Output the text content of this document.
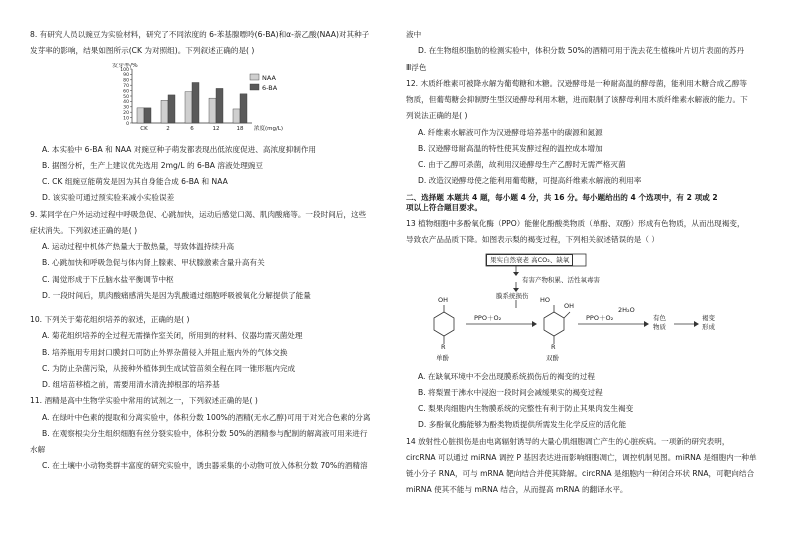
8. 有研究人员以豌豆为实验材料，研究了不同浓度的 6-苯基腺嘌呤(6-BA)和α-萘乙酸(NAA)对其种子
发芽率的影响，结果如图所示(CK 为对照组)。下列叙述正确的是( )
发芽率/%
0
10
20
30
40
50
60
70
80
90
100
CK	2	6	12	18 浓度(mg/L)
NAA
6-BA
A. 本实验中 6-BA 和 NAA 对豌豆种子萌发都表现出低浓度促进、高浓度抑制作用
B. 据图分析，生产上建议优先选用 2mg/L 的 6-BA 溶液处理豌豆
C. CK 组豌豆能萌发是因为其自身能合成 6-BA 和 NAA
D. 该实验可通过预实验来减小实验误差
9. 某同学在户外运动过程中呼吸急促、心跳加快，运动后感觉口渴、肌肉酸痛等。一段时间后，这些
症状消失。下列叙述正确的是( )
A. 运动过程中机体产热量大于散热量，导致体温持续升高
B. 心跳加快和呼吸急促与体内肾上腺素、甲状腺激素含量升高有关
C. 渴觉形成于下丘脑水盐平衡调节中枢
D. 一段时间后，肌肉酸痛感消失是因为乳酸通过细胞呼吸被氧化分解提供了能量
10. 下列关于菊花组织培养的叙述，正确的是( )
A. 菊花组织培养的全过程无需操作室关闭，所用到的材料、仪器均需灭菌处理
B. 培养瓶用专用封口膜封口可防止外界杂菌侵入并阻止瓶内外的气体交换
C. 为防止杂菌污染，从接种外植体到生成试管苗须全程在同一锥形瓶内完成
D. 组培苗移植之前，需要用清水清洗掉根部的培养基
11. 酒精是高中生物学实验中常用的试剂之一，下列叙述正确的是( )
A. 在绿叶中色素的提取和分离实验中，体积分数 100%的酒精(无水乙醇)可用于对光合色素的分离
B. 在观察根尖分生组织细胞有丝分裂实验中，体积分数 50%的酒精参与配制的解离液可用来进行
水解
C. 在土壤中小动物类群丰富度的研究实验中，诱虫器采集的小动物可放入体积分数 70%的酒精溶
液中
D. 在生物组织脂肪的检测实验中，体积分数 50%的酒精可用于洗去花生植株叶片切片表面的苏丹
Ⅲ浮色
12. 木质纤维素可被降水解为葡萄糖和木糖。汉逊酵母是一种耐高温的酵母菌，能利用木糖合成乙醇等
物质，但葡萄糖会抑制野生型汉逊酵母利用木糖，进而限制了该酵母利用木质纤维素水解液的能力。下
列说法正确的是( )
A. 纤维素水解液可作为汉逊酵母培养基中的碳源和氮源
B. 汉逊酵母耐高温的特性使其发酵过程的温控成本增加
C. 由于乙醇可杀菌，故利用汉逊酵母生产乙醇时无需严格灭菌
D. 改造汉逊酵母使之能利用葡萄糖，可提高纤维素水解液的利用率
二、选择题 本题共 4 题，每小题 4 分，共 16 分。每小题给出的 4 个选项中，有 2 项或 2
项以上符合题目要求。
13 植物细胞中多酚氧化酶（PPO）能催化酚酸类物质（单酚、双酚）形成有色物质，从而出现褐变，
导致农产品品质下降。如图表示梨的褐变过程，下列相关叙述错误的是（ ）
果实自然衰老 高CO₂、缺氧
有害产物积累、活性氧毒害
膜系统损伤
OH	HO
OH
PPO＋O₂	PPO＋O₂
2H₂O
有色
物质
褐变
形成
R	R
单酚	双酚
A. 在缺氧环境中不会出现膜系统损伤后的褐变的过程
B. 将梨置于沸水中浸泡一段时间会减缓果实的褐变过程
C. 梨果肉细胞内生物膜系统的完整性有利于防止其果肉发生褐变
D. 多酚氧化酶能够为酚类物质提供所需发生化学反应的活化能
14 放射性心脏损伤是由电离辐射诱导的大量心肌细胞凋亡产生的心脏疾病。一项新的研究表明，
circRNA 可以通过 miRNA 调控 P 基因表达进而影响细胞凋亡，调控机制见图。miRNA 是细胞内一种单
链小分子 RNA，可与 mRNA 靶向结合并使其降解。circRNA 是细胞内一种闭合环状 RNA，可靶向结合
miRNA 使其不能与 mRNA 结合，从而提高 mRNA 的翻译水平。
